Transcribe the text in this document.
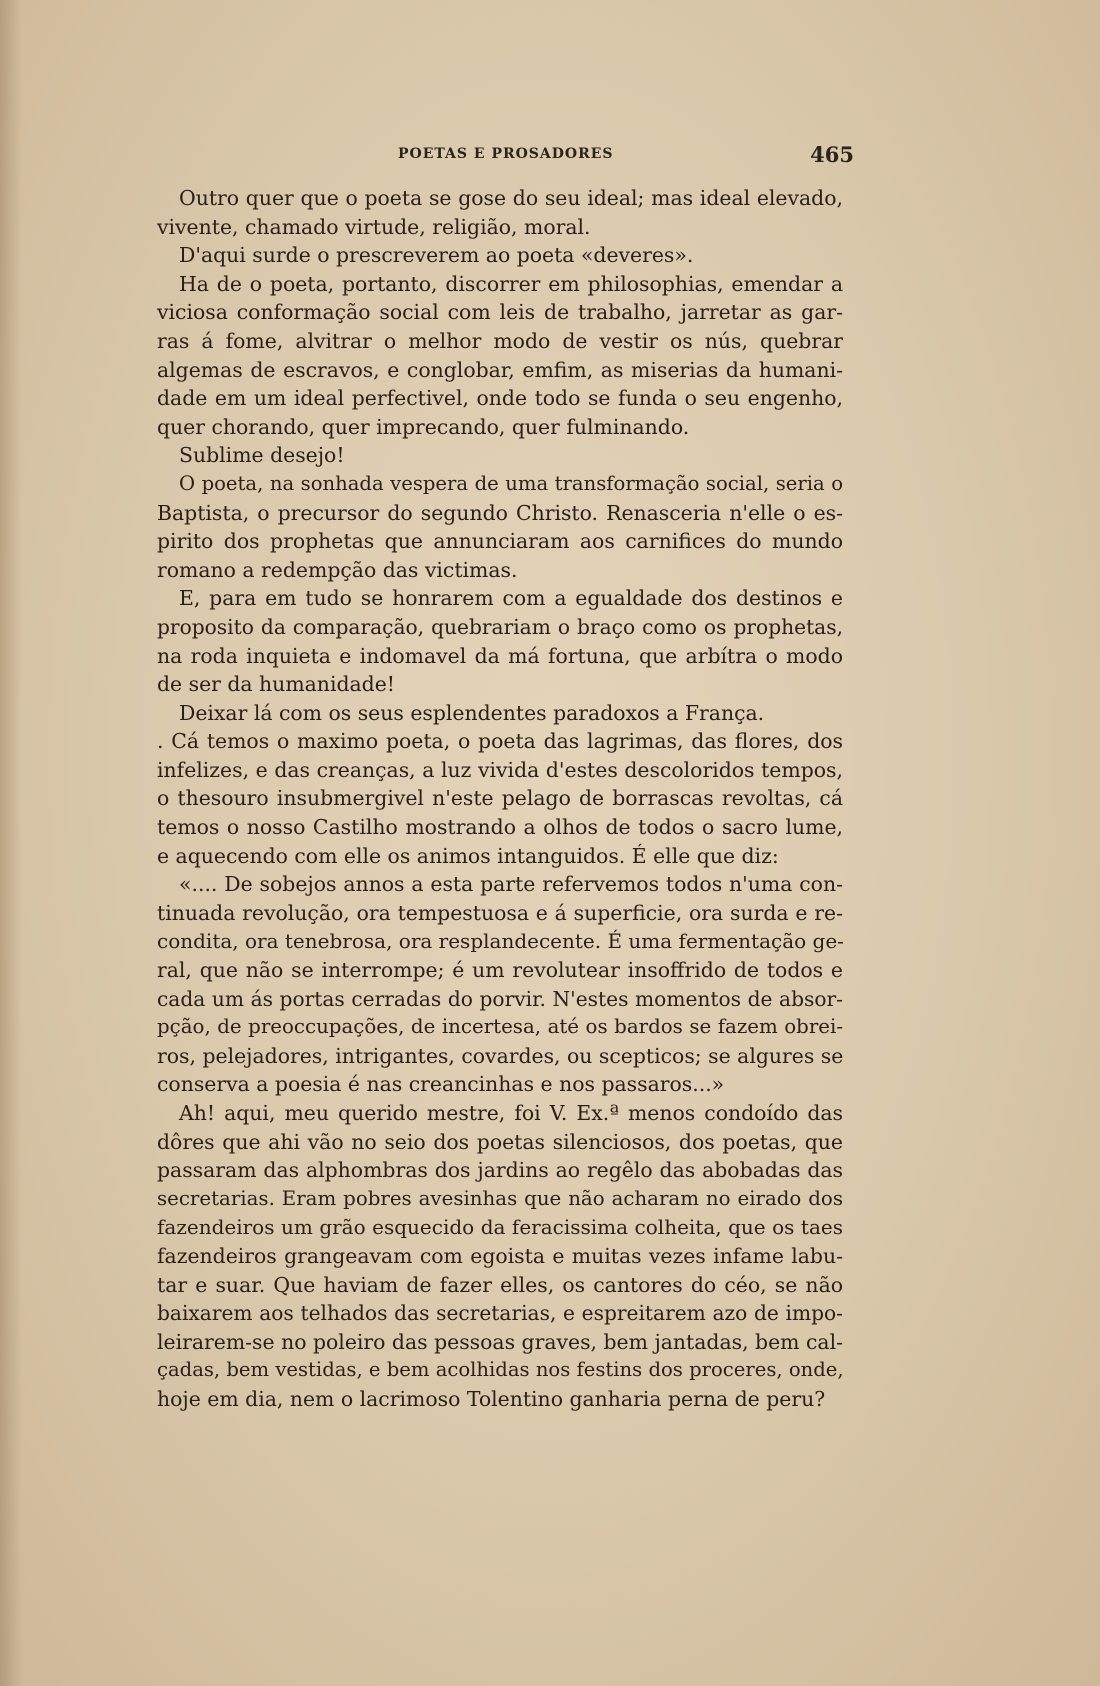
POETAS E PROSADORES	465
Outro quer que o poeta se gose do seu ideal; mas ideal elevado,
vivente, chamado virtude, religião, moral.
D'aqui surde o prescreverem ao poeta «deveres».
Ha de o poeta, portanto, discorrer em philosophias, emendar a
viciosa conformação social com leis de trabalho, jarretar as gar-
ras á fome, alvitrar o melhor modo de vestir os nús, quebrar
algemas de escravos, e conglobar, emfim, as miserias da humani-
dade em um ideal perfectivel, onde todo se funda o seu engenho,
quer chorando, quer imprecando, quer fulminando.
Sublime desejo!
O poeta, na sonhada vespera de uma transformação social, seria o
Baptista, o precursor do segundo Christo. Renasceria n'elle o es-
pirito dos prophetas que annunciaram aos carnifices do mundo
romano a redempção das victimas.
E, para em tudo se honrarem com a egualdade dos destinos e
proposito da comparação, quebrariam o braço como os prophetas,
na roda inquieta e indomavel da má fortuna, que arbítra o modo
de ser da humanidade!
Deixar lá com os seus esplendentes paradoxos a França.
. Cá temos o maximo poeta, o poeta das lagrimas, das flores, dos
infelizes, e das creanças, a luz vivida d'estes descoloridos tempos,
o thesouro insubmergivel n'este pelago de borrascas revoltas, cá
temos o nosso Castilho mostrando a olhos de todos o sacro lume,
e aquecendo com elle os animos intanguidos. É elle que diz:
«.... De sobejos annos a esta parte refervemos todos n'uma con-
tinuada revolução, ora tempestuosa e á superficie, ora surda e re-
condita, ora tenebrosa, ora resplandecente. É uma fermentação ge-
ral, que não se interrompe; é um revolutear insoffrido de todos e
cada um ás portas cerradas do porvir. N'estes momentos de absor-
pção, de preoccupações, de incertesa, até os bardos se fazem obrei-
ros, pelejadores, intrigantes, covardes, ou scepticos; se algures se
conserva a poesia é nas creancinhas e nos passaros...»
Ah! aqui, meu querido mestre, foi V. Ex.ª menos condoído das
dôres que ahi vão no seio dos poetas silenciosos, dos poetas, que
passaram das alphombras dos jardins ao regêlo das abobadas das
secretarias. Eram pobres avesinhas que não acharam no eirado dos
fazendeiros um grão esquecido da feracissima colheita, que os taes
fazendeiros grangeavam com egoista e muitas vezes infame labu-
tar e suar. Que haviam de fazer elles, os cantores do céo, se não
baixarem aos telhados das secretarias, e espreitarem azo de impo-
leirarem-se no poleiro das pessoas graves, bem jantadas, bem cal-
çadas, bem vestidas, e bem acolhidas nos festins dos proceres, onde,
hoje em dia, nem o lacrimoso Tolentino ganharia perna de peru?
